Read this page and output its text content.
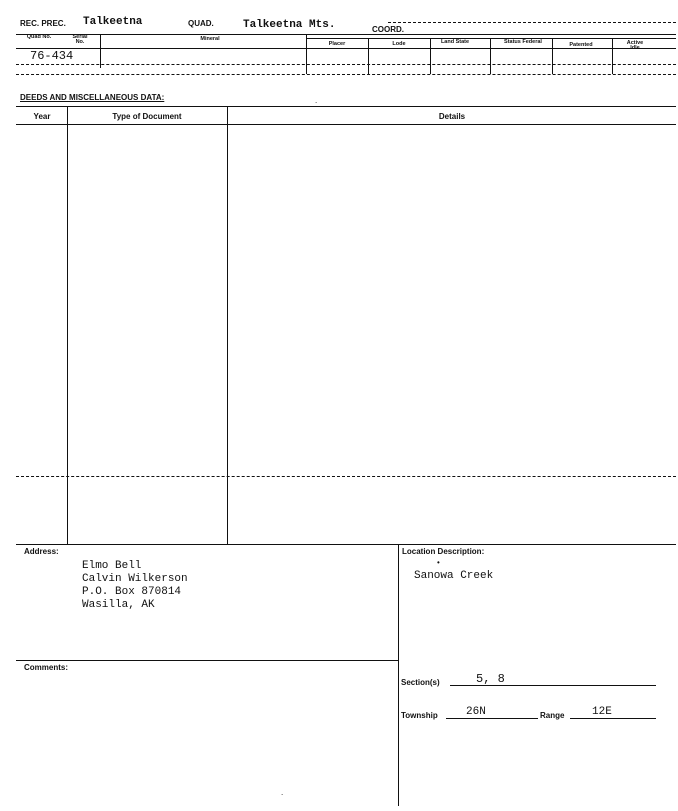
REC. PREC. Talkeetna	QUAD.	Talkeetna Mts.	COORD.
Quad No.	Serial No.	Mineral
Placer	Lode	Land State	Status Federal	Patented	Active Idle
76-434
DEEDS AND MISCELLANEOUS DATA:	.
Year	Type of Document	Details
Address:
Elmo Bell
Calvin Wilkerson
P.O. Box 870814
Wasilla, AK
Location Description:
•
Sanowa Creek
Section(s)	5, 8
Township	26N	Range	12E
Comments:
.
